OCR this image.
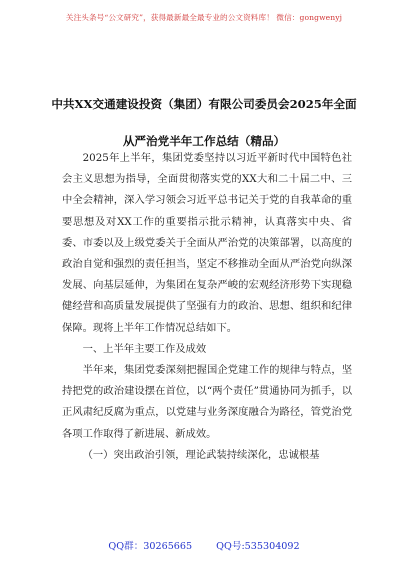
关注头条号“公文研究”，获得最新最全最专业的公文资料库！ 微信：gongwenyj
中共XX交通建设投资（集团）有限公司委员会2025年全面
从严治党半年工作总结（精品）

2025年上半年，集团党委坚持以习近平新时代中国特色社会主义思想为指导，全面贯彻落实党的XX大和二十届二中、三中全会精神，深入学习领会习近平总书记关于党的自我革命的重要思想及对XX工作的重要指示批示精神，认真落实中央、省委、市委以及上级党委关于全面从严治党的决策部署，以高度的政治自觉和强烈的责任担当，坚定不移推动全面从严治党向纵深发展、向基层延伸，为集团在复杂严峻的宏观经济形势下实现稳健经营和高质量发展提供了坚强有力的政治、思想、组织和纪律保障。现将上半年工作情况总结如下。

一、上半年主要工作及成效

半年来，集团党委深刻把握国企党建工作的规律与特点，坚持把党的政治建设摆在首位，以“两个责任”贯通协同为抓手，以正风肃纪反腐为重点，以党建与业务深度融合为路径，管党治党各项工作取得了新进展、新成效。

（一）突出政治引领，理论武装持续深化，忠诚根基

QQ群：30265665	QQ号:535304092
